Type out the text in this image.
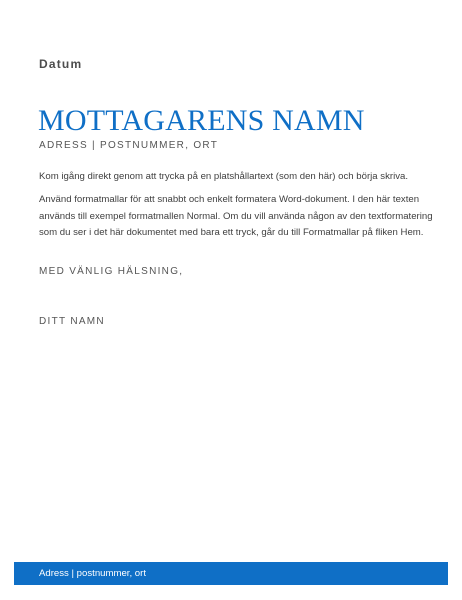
Datum
MOTTAGARENS NAMN
ADRESS | POSTNUMMER, ORT
Kom igång direkt genom att trycka på en platshållartext (som den här) och börja skriva.
Använd formatmallar för att snabbt och enkelt formatera Word-dokument. I den här texten används till exempel formatmallen Normal. Om du vill använda någon av den textformatering som du ser i det här dokumentet med bara ett tryck, går du till Formatmallar på fliken Hem.
MED VÄNLIG HÄLSNING,
DITT NAMN
Adress | postnummer, ort
